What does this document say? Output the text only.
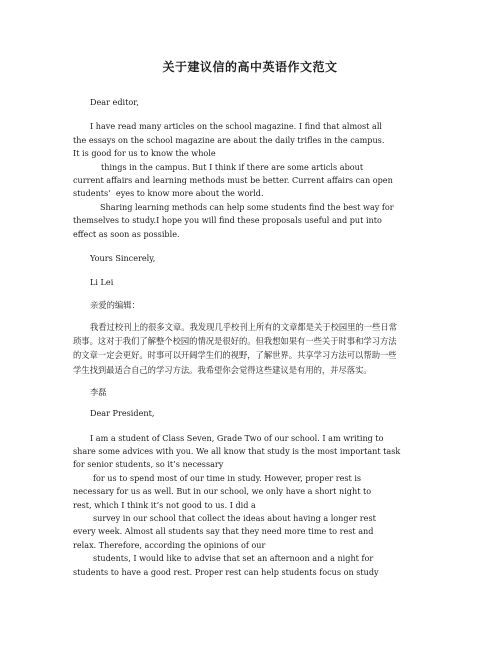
关于建议信的高中英语作文范文

Dear editor,

I have read many articles on the school magazine. I find that almost all

the essays on the school magazine are about the daily trifles in the campus.

It is good for us to know the whole

things in the campus. But I think if there are some articls about

current affairs and learning methods must be better. Current affairs can open

students’  eyes to know more about the world.

Sharing learning methods can help some students find the best way for

themselves to study.I hope you will find these proposals useful and put into

effect as soon as possible.

Yours Sincerely,

Li Lei

亲爱的编辑：

我看过校刊上的很多文章。我发现几乎校刊上所有的文章都是关于校园里的一些日常

琐事。这对于我们了解整个校园的情况是很好的。但我想如果有一些关于时事和学习方法

的文章一定会更好。时事可以开阔学生们的视野，了解世界。共享学习方法可以帮助一些

学生找到最适合自己的学习方法。我希望你会觉得这些建议是有用的，并尽落实。

李磊

Dear President,

I am a student of Class Seven, Grade Two of our school. I am writing to

share some advices with you. We all know that study is the most important task

for senior students, so it’s necessary

for us to spend most of our time in study. However, proper rest is

necessary for us as well. But in our school, we only have a short night to

rest, which I think it’s not good to us. I did a

survey in our school that collect the ideas about having a longer rest

every week. Almost all students say that they need more time to rest and

relax. Therefore, according the opinions of our

students, I would like to advise that set an afternoon and a night for

students to have a good rest. Proper rest can help students focus on study
